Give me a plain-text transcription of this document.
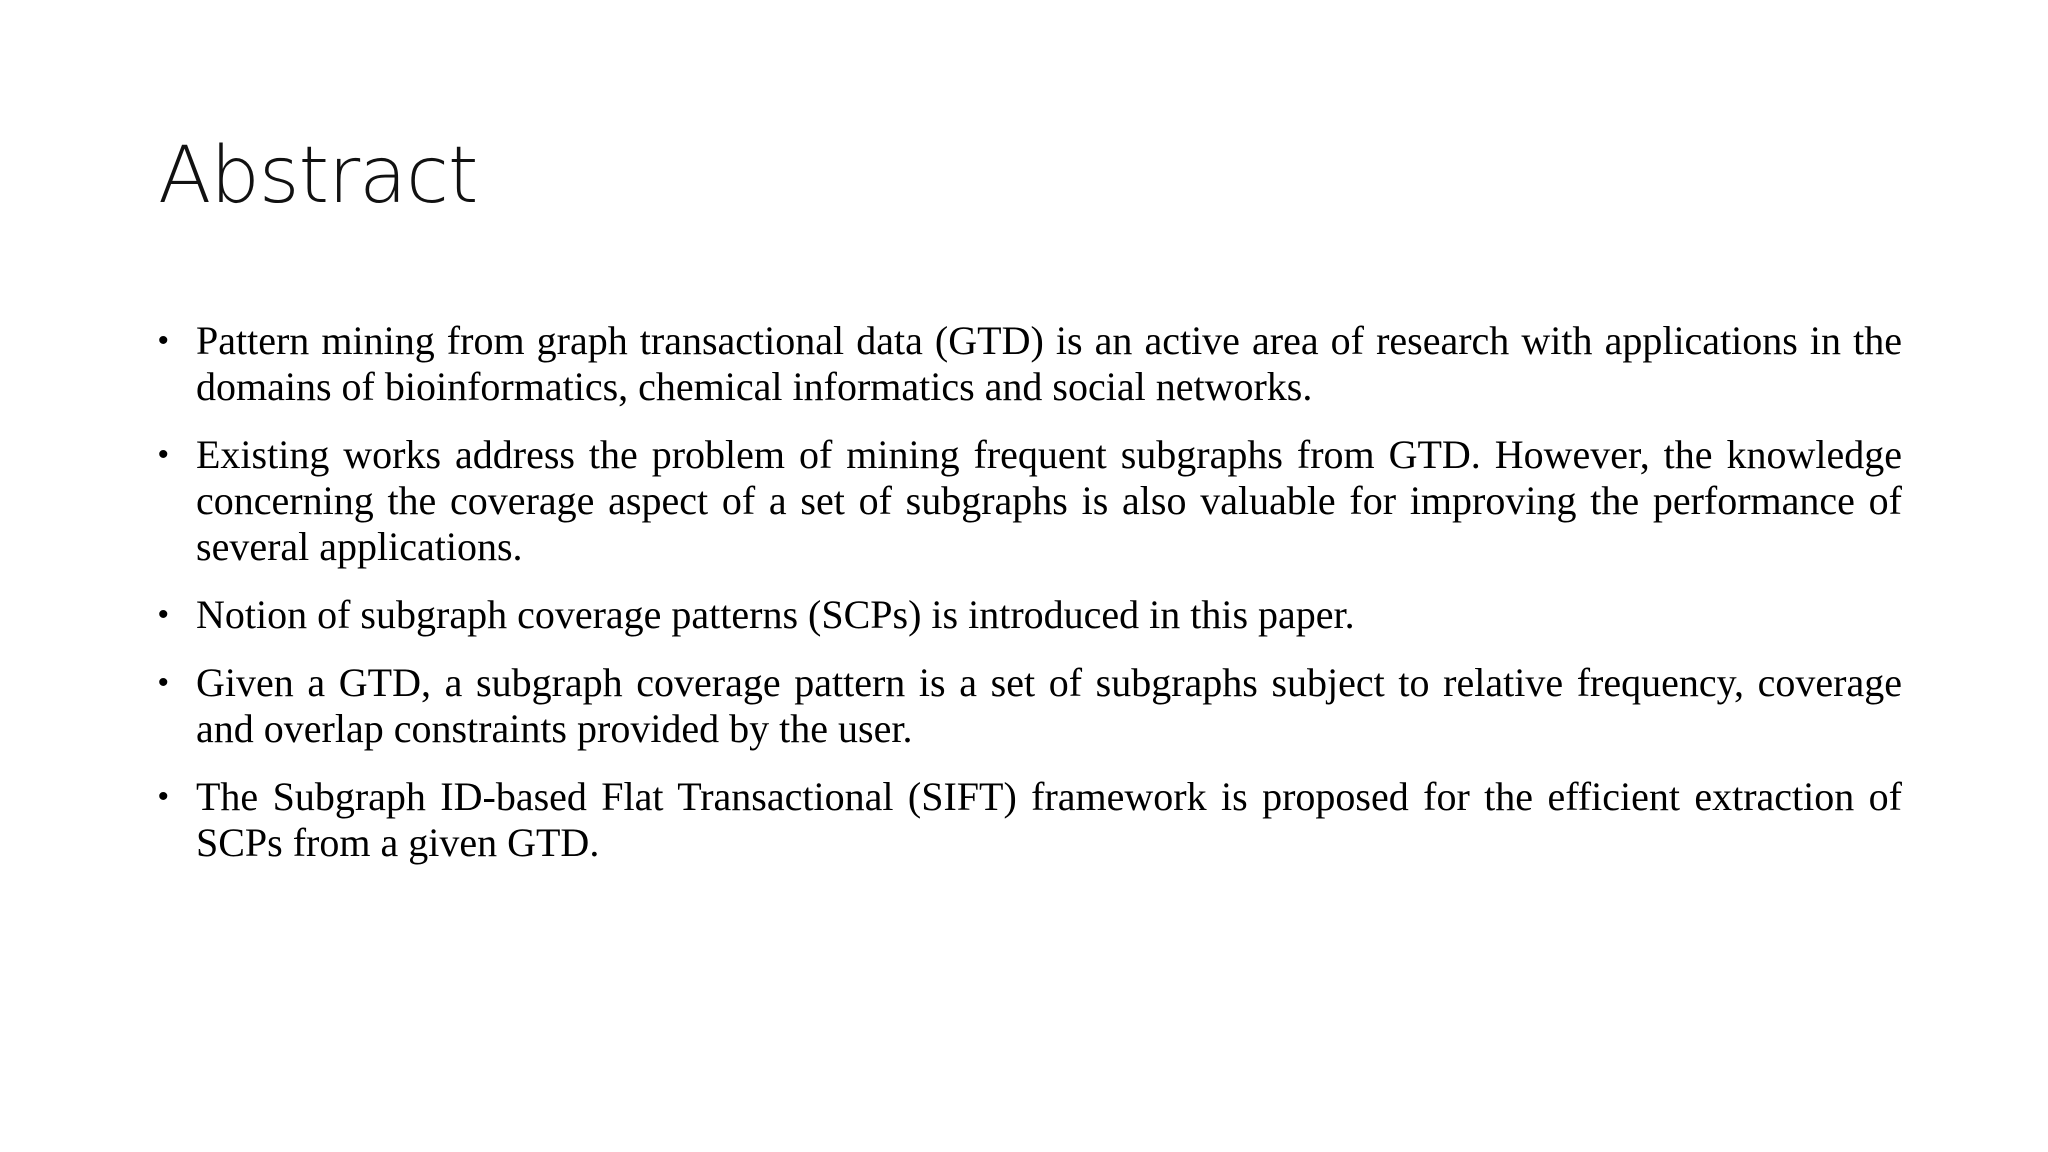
Abstract
• Pattern mining from graph transactional data (GTD) is an active area of research with applications in the domains of bioinformatics, chemical informatics and social networks.
• Existing works address the problem of mining frequent subgraphs from GTD. However, the knowledge concerning the coverage aspect of a set of subgraphs is also valuable for improving the performance of several applications.
• Notion of subgraph coverage patterns (SCPs) is introduced in this paper.
• Given a GTD, a subgraph coverage pattern is a set of subgraphs subject to relative frequency, coverage and overlap constraints provided by the user.
• The Subgraph ID-based Flat Transactional (SIFT) framework is proposed for the efficient extraction of SCPs from a given GTD.
